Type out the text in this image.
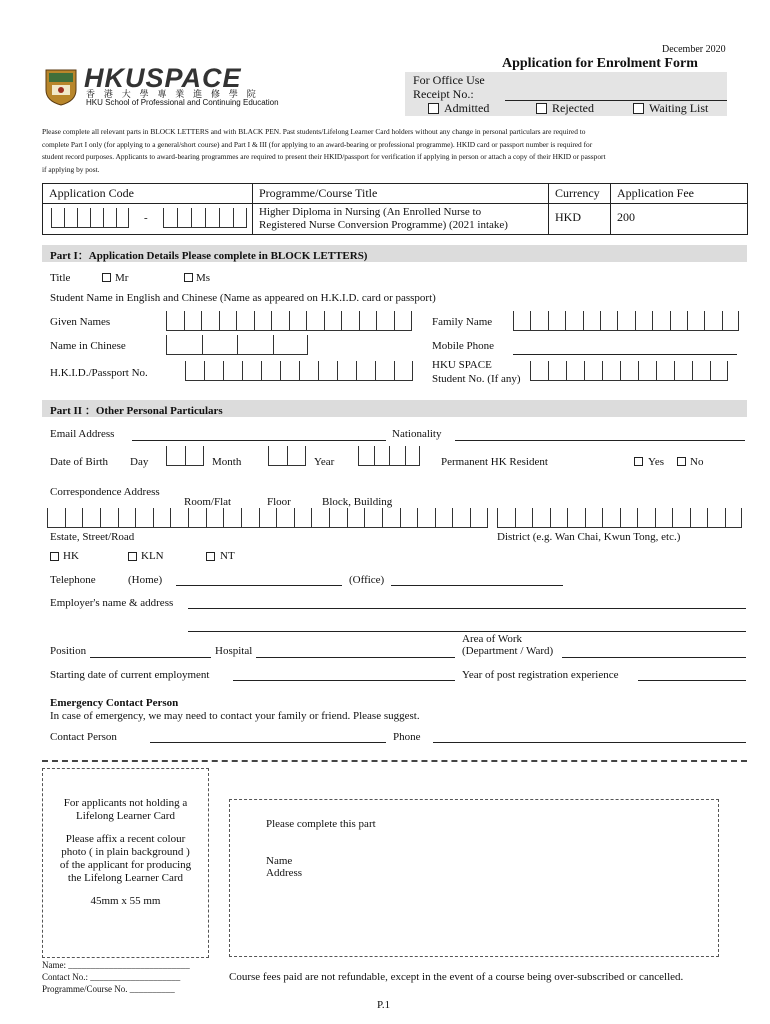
December 2020
Application for Enrolment Form
HKUSPACE
香 港 大 學 專 業 進 修 學 院
HKU School of Professional and Continuing Education
For Office Use
Receipt No.:
Admitted	Rejected	Waiting List
Please complete all relevant parts in BLOCK LETTERS and with BLACK PEN. Past students/Lifelong Learner Card holders without any change in personal particulars are required to
complete Part I only (for applying to a general/short course) and Part I & III (for applying to an award-bearing or professional programme). HKID card or passport number is required for
student record purposes. Applicants to award-bearing programmes are required to present their HKID/passport for verification if applying in person or attach a copy of their HKID or passport
if applying by post.
Application Code	Programme/Course Title	Currency	Application Fee

-	Higher Diploma in Nursing (An Enrolled Nurse to
Registered Nurse Conversion Programme) (2021 intake)	HKD	200
Part I：Application Details Please complete in BLOCK LETTERS)
Title	Mr	Ms
Student Name in English and Chinese (Name as appeared on H.K.I.D. card or passport)
Given Names	Family Name
Name in Chinese	Mobile Phone
H.K.I.D./Passport No.
HKU SPACE
Student No. (If any)
Part II ：Other Personal Particulars
Email Address	Nationality
Date of Birth Day	Month	Year	Permanent HK Resident	Yes No
Correspondence Address
Room/Flat	Floor	Block, Building
Estate, Street/Road	District (e.g. Wan Chai, Kwun Tong, etc.)
HK	KLN	NT
Telephone	(Home)	(Office)
Employer's name & address
Position	Hospital
Area of Work
(Department / Ward)
Starting date of current employment	Year of post registration experience
Emergency Contact Person
In case of emergency, we may need to contact your family or friend. Please suggest.
Contact Person	Phone
For applicants not holding a
Lifelong Learner Card
Please affix a recent colour
photo ( in plain background )
of the applicant for producing
the Lifelong Learner Card
45mm x 55 mm
Please complete this part
Name
Address
Name: ___________________________
Contact No.: ____________________
Programme/Course No. __________
Course fees paid are not refundable, except in the event of a course being over-subscribed or cancelled.
P.1
